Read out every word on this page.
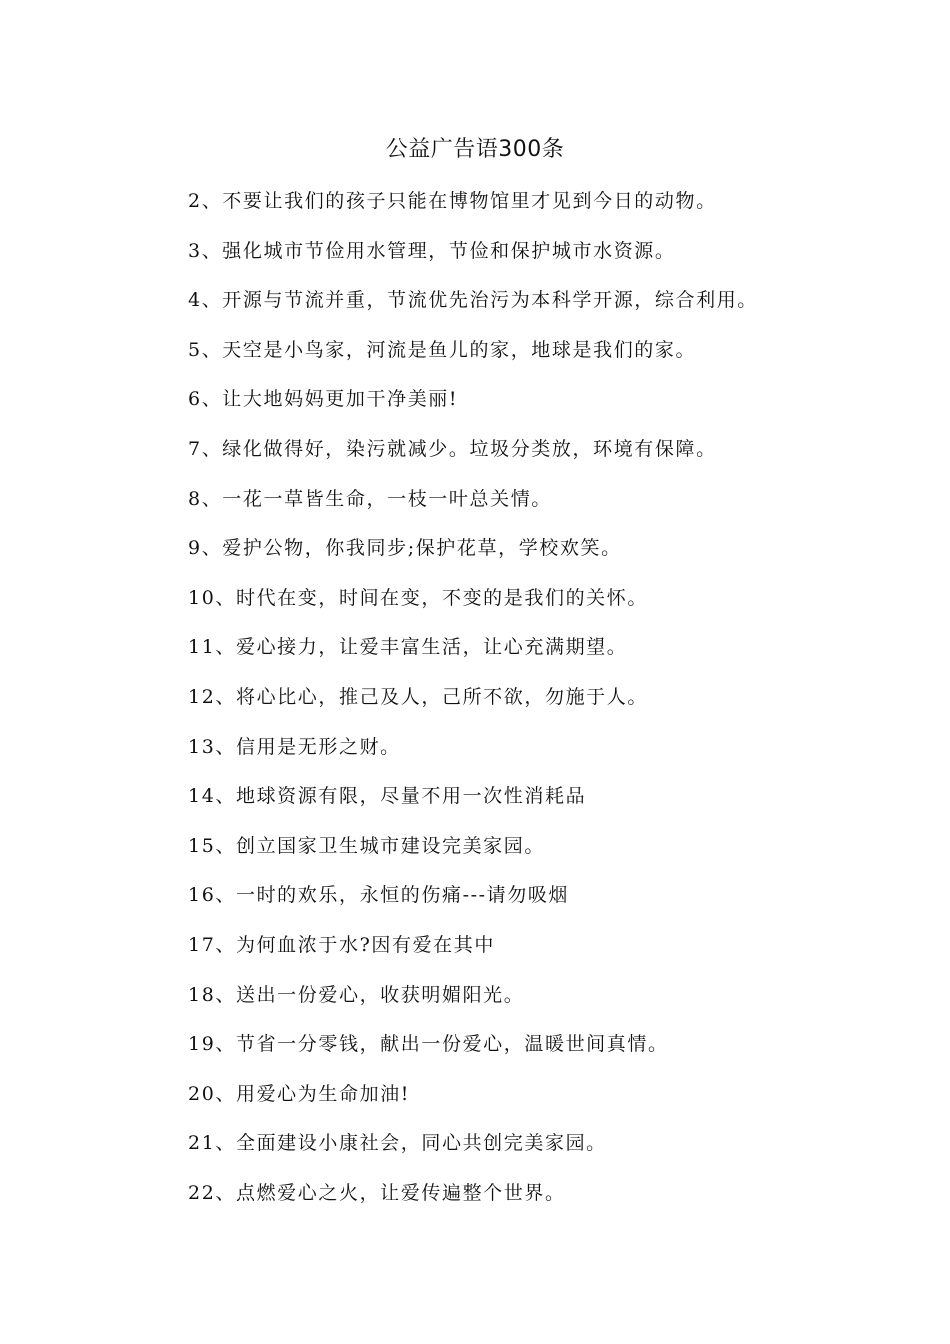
公益广告语300条
2、不要让我们的孩子只能在博物馆里才见到今日的动物。
3、强化城市节俭用水管理，节俭和保护城市水资源。
4、开源与节流并重，节流优先治污为本科学开源，综合利用。
5、天空是小鸟家，河流是鱼儿的家，地球是我们的家。
6、让大地妈妈更加干净美丽!
7、绿化做得好，染污就减少。垃圾分类放，环境有保障。
8、一花一草皆生命，一枝一叶总关情。
9、爱护公物，你我同步;保护花草，学校欢笑。
10、时代在变，时间在变，不变的是我们的关怀。
11、爱心接力，让爱丰富生活，让心充满期望。
12、将心比心，推己及人，己所不欲，勿施于人。
13、信用是无形之财。
14、地球资源有限，尽量不用一次性消耗品
15、创立国家卫生城市建设完美家园。
16、一时的欢乐，永恒的伤痛---请勿吸烟
17、为何血浓于水?因有爱在其中
18、送出一份爱心，收获明媚阳光。
19、节省一分零钱，献出一份爱心，温暖世间真情。
20、用爱心为生命加油!
21、全面建设小康社会，同心共创完美家园。
22、点燃爱心之火，让爱传遍整个世界。
